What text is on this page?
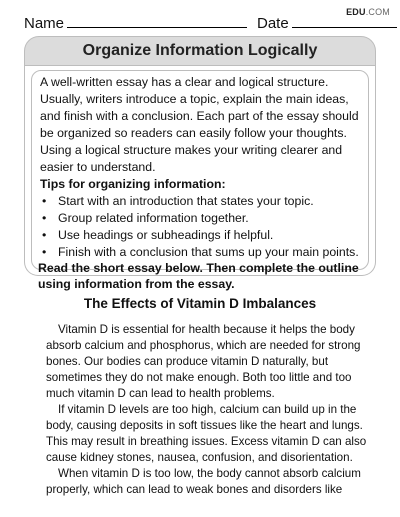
EDU.COM
Name	Date
Organize Information Logically
A well-written essay has a clear and logical structure. Usually, writers introduce a topic, explain the main ideas, and finish with a conclusion. Each part of the essay should be organized so readers can easily follow your thoughts. Using a logical structure makes your writing clearer and easier to understand.
Tips for organizing information:
• Start with an introduction that states your topic.
• Group related information together.
• Use headings or subheadings if helpful.
• Finish with a conclusion that sums up your main points.
Read the short essay below. Then complete the outline using information from the essay.
The Effects of Vitamin D Imbalances

Vitamin D is essential for health because it helps the body absorb calcium and phosphorus, which are needed for strong bones. Our bodies can produce vitamin D naturally, but sometimes they do not make enough. Both too little and too much vitamin D can lead to health problems.

If vitamin D levels are too high, calcium can build up in the body, causing deposits in soft tissues like the heart and lungs. This may result in breathing issues. Excess vitamin D can also cause kidney stones, nausea, confusion, and disorientation.

When vitamin D is too low, the body cannot absorb calcium properly, which can lead to weak bones and disorders like
